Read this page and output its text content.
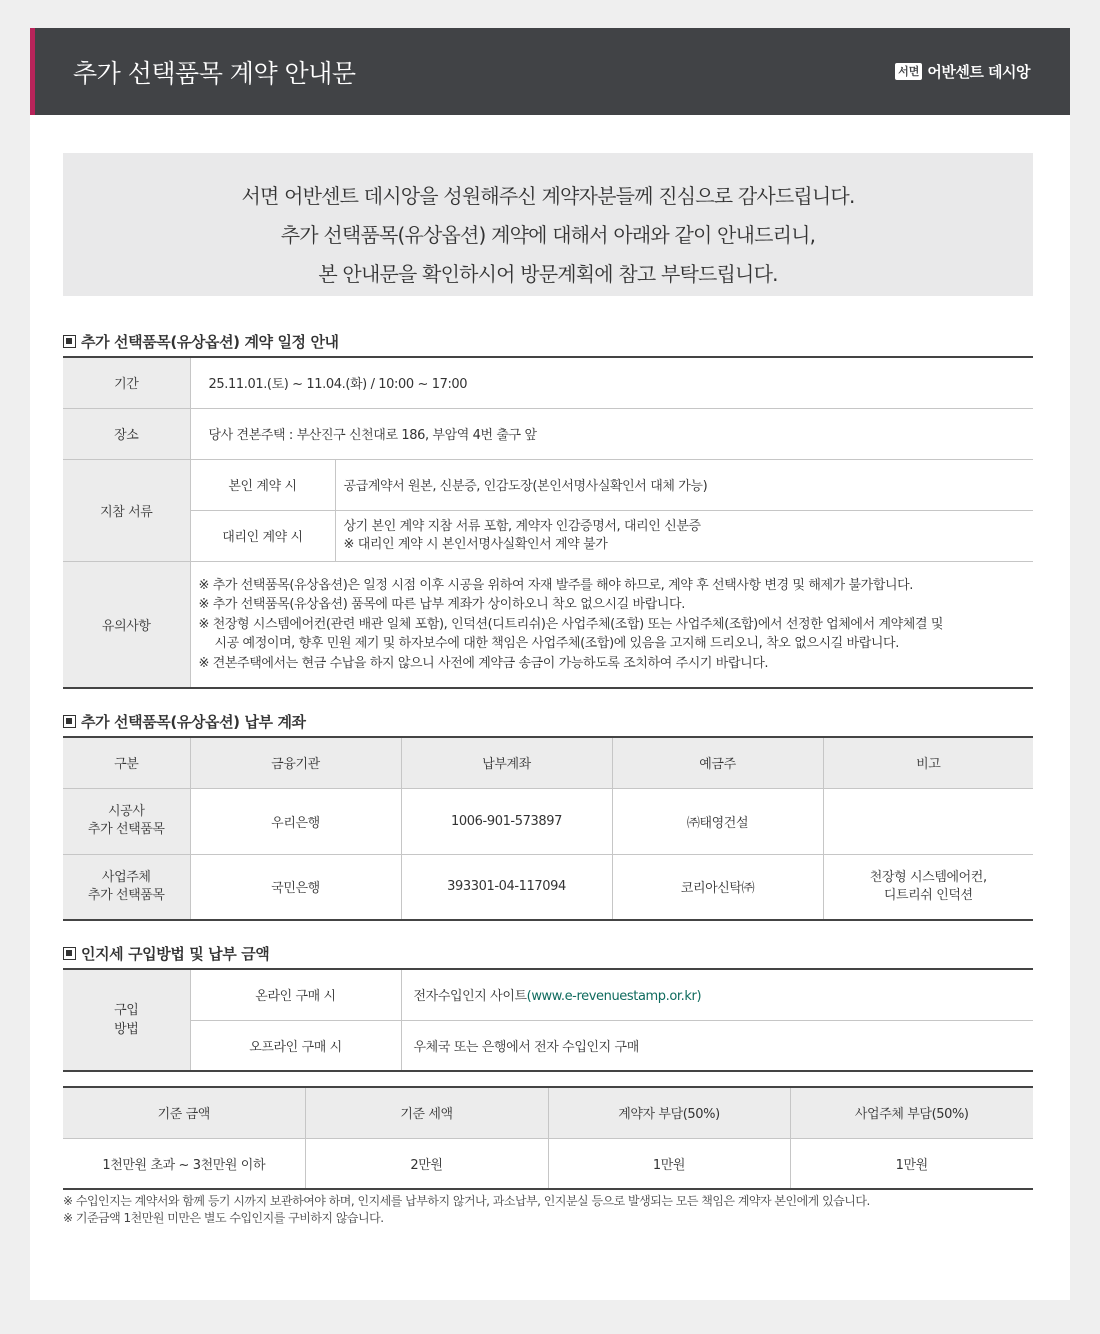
추가 선택품목 계약 안내문	서면 어반센트 데시앙
서면 어반센트 데시앙을 성원해주신 계약자분들께 진심으로 감사드립니다.
추가 선택품목(유상옵션) 계약에 대해서 아래와 같이 안내드리니,
본 안내문을 확인하시어 방문계획에 참고 부탁드립니다.
추가 선택품목(유상옵션) 계약 일정 안내
기간	25.11.01.(토) ~ 11.04.(화) / 10:00 ~ 17:00	
장소	당사 견본주택 : 부산진구 신천대로 186, 부암역 4번 출구 앞	
지참 서류	본인 계약 시	공급계약서 원본, 신분증, 인감도장(본인서명사실확인서 대체 가능)
	대리인 계약 시	상기 본인 계약 지참 서류 포함, 계약자 인감증명서, 대리인 신분증
※ 대리인 계약 시 본인서명사실확인서 계약 불가

유의사항	※ 추가 선택품목(유상옵션)은 일정 시점 이후 시공을 위하여 자재 발주를 해야 하므로, 계약 후 선택사항 변경 및 해제가 불가합니다.
※ 추가 선택품목(유상옵션) 품목에 따른 납부 계좌가 상이하오니 착오 없으시길 바랍니다.
※ 천장형 시스템에어컨(관련 배관 일체 포함), 인덕션(디트리쉬)은 사업주체(조합) 또는 사업주체(조합)에서 선정한 업체에서 계약체결 및
시공 예정이며, 향후 민원 제기 및 하자보수에 대한 책임은 사업주체(조합)에 있음을 고지해 드리오니, 착오 없으시길 바랍니다.
※ 견본주택에서는 현금 수납을 하지 않으니 사전에 계약금 송금이 가능하도록 조치하여 주시기 바랍니다.	
추가 선택품목(유상옵션) 납부 계좌
구분	금융기관	납부계좌	예금주	비고

시공사
추가 선택품목	우리은행	1006-901-573897	㈜태영건설	

사업주체
추가 선택품목	국민은행	393301-04-117094	코리아신탁㈜	천장형 시스템에어컨,
디트리쉬 인덕션
인지세 구입방법 및 납부 금액
구입
방법	온라인 구매 시	전자수입인지 사이트(www.e-revenuestamp.or.kr)
	오프라인 구매 시	우체국 또는 은행에서 전자 수입인지 구매
기준 금액	기준 세액	계약자 부담(50%)	사업주체 부담(50%)
1천만원 초과 ~ 3천만원 이하	2만원	1만원	1만원
※ 수입인지는 계약서와 함께 등기 시까지 보관하여야 하며, 인지세를 납부하지 않거나, 과소납부, 인지분실 등으로 발생되는 모든 책임은 계약자 본인에게 있습니다.
※ 기준금액 1천만원 미만은 별도 수입인지를 구비하지 않습니다.
